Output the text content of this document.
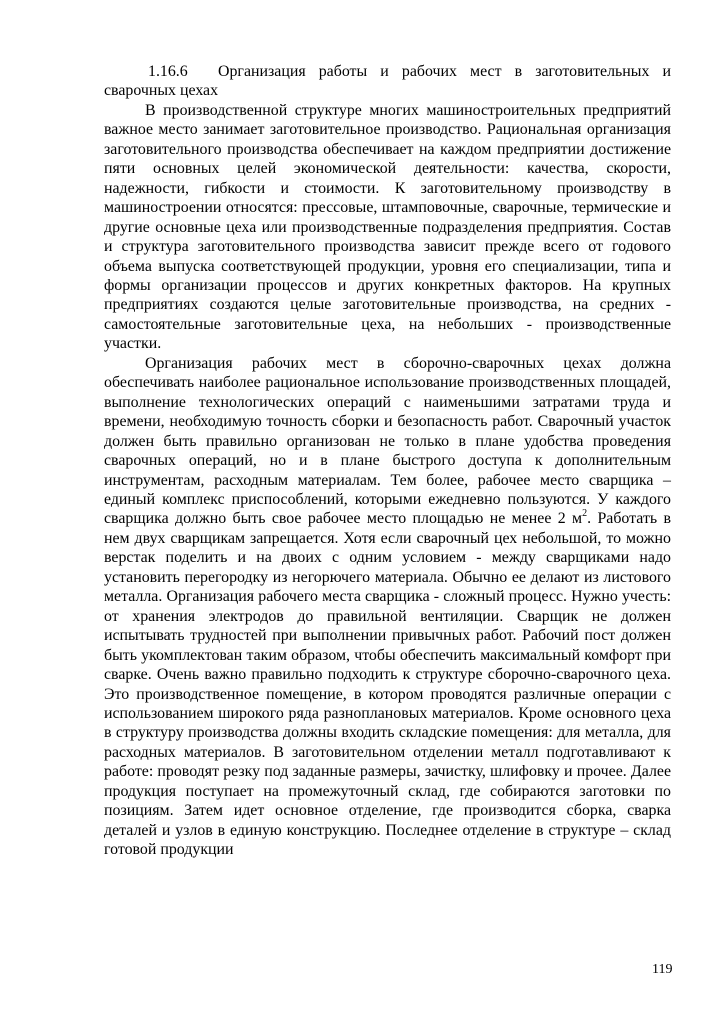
1.16.6 Организация работы и рабочих мест в заготовительных и сварочных цехах

В производственной структуре многих машиностроительных предприятий важное место занимает заготовительное производство. Рациональная организация заготовительного производства обеспечивает на каждом предприятии достижение пяти основных целей экономической деятельности: качества, скорости, надежности, гибкости и стоимости. К заготовительному производству в машиностроении относятся: прессовые, штамповочные, сварочные, термические и другие основные цеха или производственные подразделения предприятия. Состав и структура заготовительного производства зависит прежде всего от годового объема выпуска соответствующей продукции, уровня его специализации, типа и формы организации процессов и других конкретных факторов. На крупных предприятиях создаются целые заготовительные производства, на средних - самостоятельные заготовительные цеха, на небольших - производственные участки.

Организация рабочих мест в сборочно-сварочных цехах должна обеспечивать наиболее рациональное использование производственных площадей, выполнение технологических операций с наименьшими затратами труда и времени, необходимую точность сборки и безопасность работ. Сварочный участок должен быть правильно организован не только в плане удобства проведения сварочных операций, но и в плане быстрого доступа к дополнительным инструментам, расходным материалам. Тем более, рабочее место сварщика – единый комплекс приспособлений, которыми ежедневно пользуются. У каждого сварщика должно быть свое рабочее место площадью не менее 2 $м^2$. Работать в нем двух сварщикам запрещается. Хотя если сварочный цех небольшой, то можно верстак поделить и на двоих с одним условием - между сварщиками надо установить перегородку из негорючего материала. Обычно ее делают из листового металла. Организация рабочего места сварщика - сложный процесс. Нужно учесть: от хранения электродов до правильной вентиляции. Сварщик не должен испытывать трудностей при выполнении привычных работ. Рабочий пост должен быть укомплектован таким образом, чтобы обеспечить максимальный комфорт при сварке. Очень важно правильно подходить к структуре сборочно-сварочного цеха. Это производственное помещение, в котором проводятся различные операции с использованием широкого ряда разноплановых материалов. Кроме основного цеха в структуру производства должны входить складские помещения: для металла, для расходных материалов. В заготовительном отделении металл подготавливают к работе: проводят резку под заданные размеры, зачистку, шлифовку и прочее. Далее продукция поступает на промежуточный склад, где собираются заготовки по позициям. Затем идет основное отделение, где производится сборка, сварка деталей и узлов в единую конструкцию. Последнее отделение в структуре – склад готовой продукции

119
